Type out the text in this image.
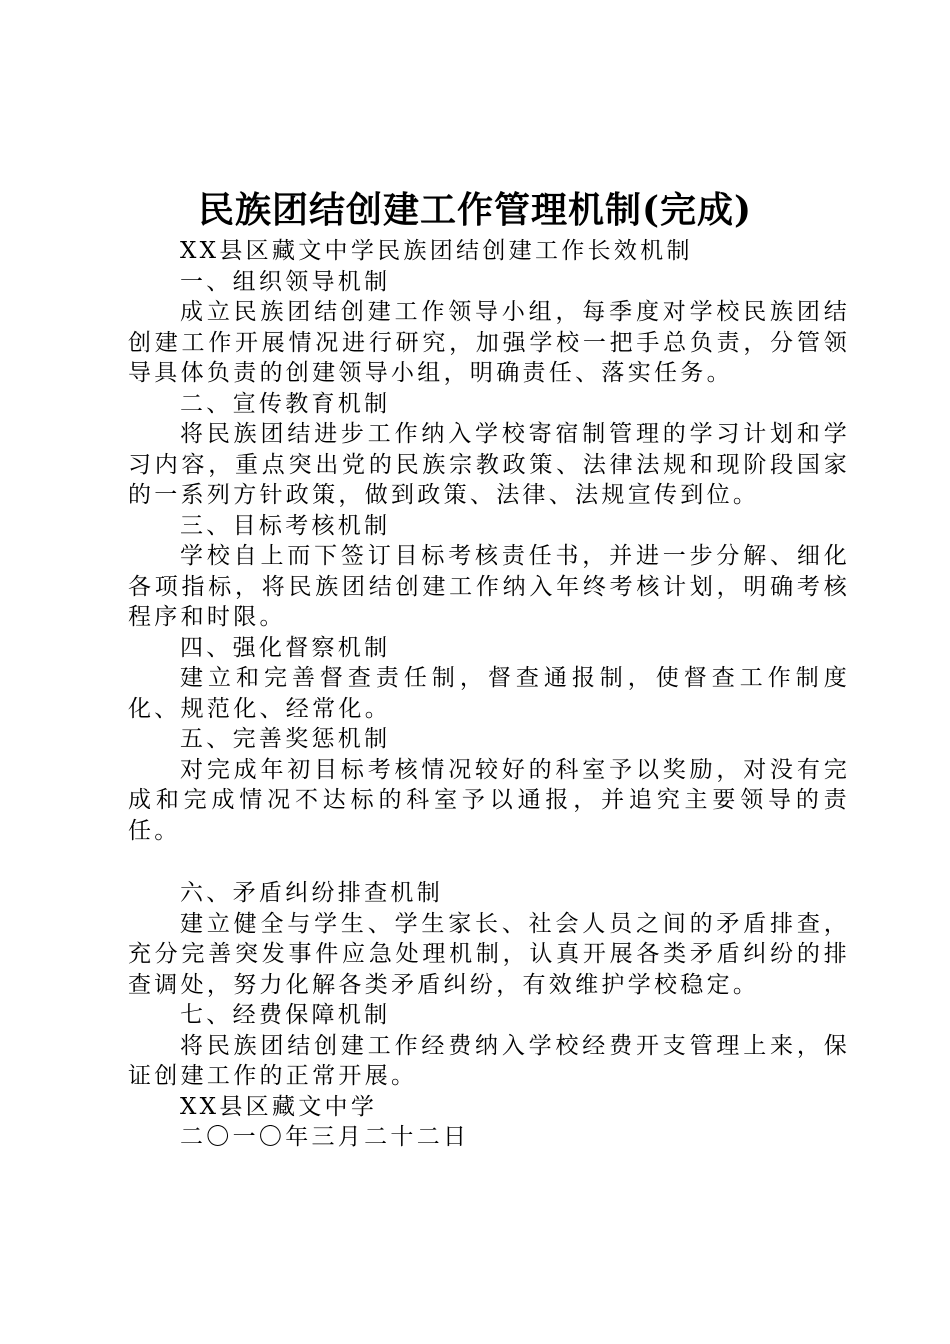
民族团结创建工作管理机制(完成)

XX县区藏文中学民族团结创建工作长效机制

一、组织领导机制

成立民族团结创建工作领导小组，每季度对学校民族团结创建工作开展情况进行研究，加强学校一把手总负责，分管领导具体负责的创建领导小组，明确责任、落实任务。

二、宣传教育机制

将民族团结进步工作纳入学校寄宿制管理的学习计划和学习内容，重点突出党的民族宗教政策、法律法规和现阶段国家的一系列方针政策，做到政策、法律、法规宣传到位。

三、目标考核机制

学校自上而下签订目标考核责任书，并进一步分解、细化各项指标，将民族团结创建工作纳入年终考核计划，明确考核程序和时限。

四、强化督察机制

建立和完善督查责任制，督查通报制，使督查工作制度化、规范化、经常化。

五、完善奖惩机制

对完成年初目标考核情况较好的科室予以奖励，对没有完成和完成情况不达标的科室予以通报，并追究主要领导的责任。

六、矛盾纠纷排查机制

建立健全与学生、学生家长、社会人员之间的矛盾排查，充分完善突发事件应急处理机制，认真开展各类矛盾纠纷的排查调处，努力化解各类矛盾纠纷，有效维护学校稳定。

七、经费保障机制

将民族团结创建工作经费纳入学校经费开支管理上来，保证创建工作的正常开展。

XX县区藏文中学

二〇一〇年三月二十二日
